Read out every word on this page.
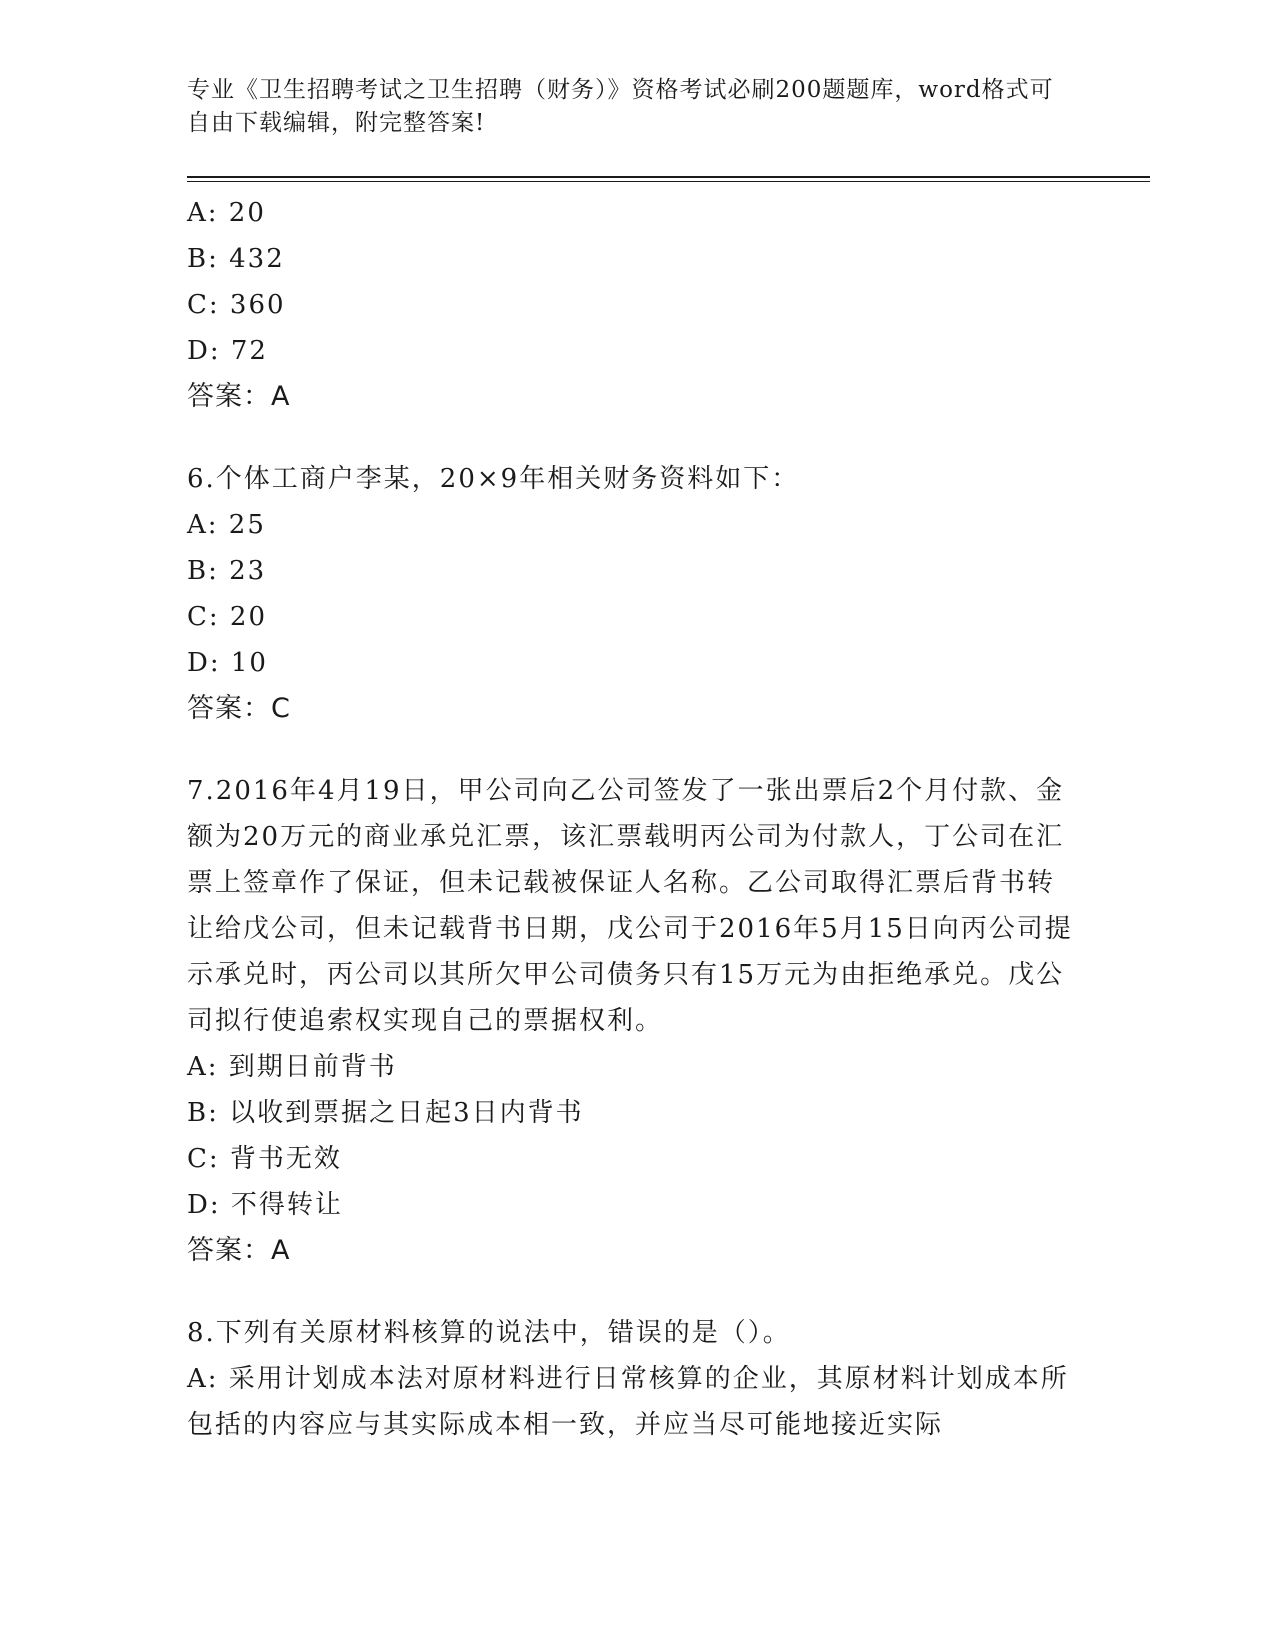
专业《卫生招聘考试之卫生招聘（财务）》资格考试必刷200题题库，word格式可自由下载编辑，附完整答案!
A: 20
B: 432
C: 360
D: 72
答案：A
6.个体工商户李某，20×9年相关财务资料如下：
A: 25
B: 23
C: 20
D: 10
答案：C
7.2016年4月19日，甲公司向乙公司签发了一张出票后2个月付款、金额为20万元的商业承兑汇票，该汇票载明丙公司为付款人，丁公司在汇票上签章作了保证，但未记载被保证人名称。乙公司取得汇票后背书转让给戊公司，但未记载背书日期，戊公司于2016年5月15日向丙公司提示承兑时，丙公司以其所欠甲公司债务只有15万元为由拒绝承兑。戊公司拟行使追索权实现自己的票据权利。
A: 到期日前背书
B: 以收到票据之日起3日内背书
C: 背书无效
D: 不得转让
答案：A
8.下列有关原材料核算的说法中，错误的是（）。
A: 采用计划成本法对原材料进行日常核算的企业，其原材料计划成本所包括的内容应与其实际成本相一致，并应当尽可能地接近实际
